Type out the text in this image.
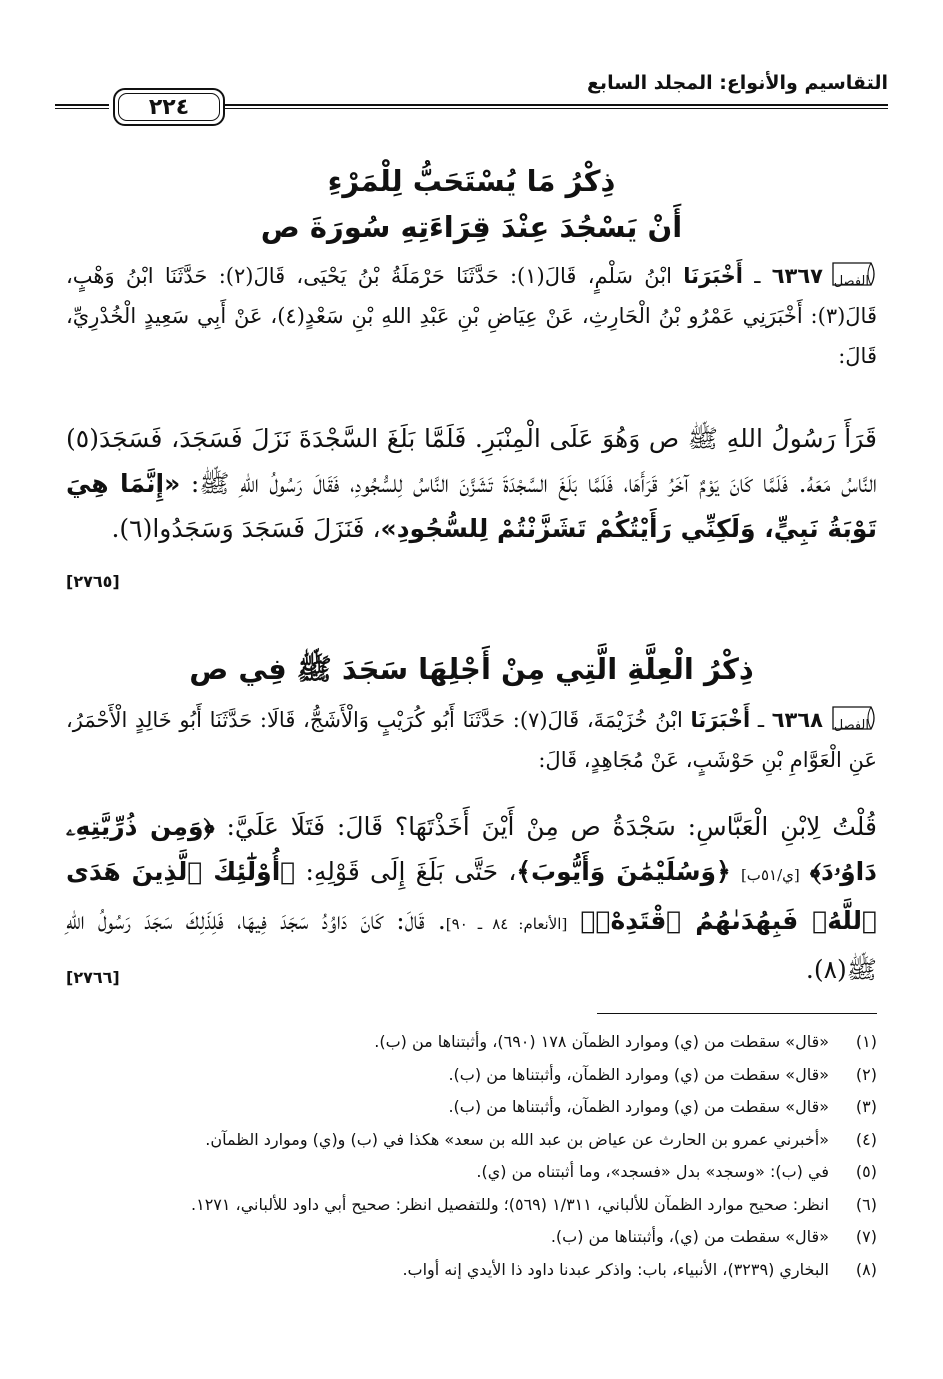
التقاسيم والأنواع: المجلد السابع
٢٢٤
ذِكْرُ مَا يُسْتَحَبُّ لِلْمَرْءِ
أَنْ يَسْجُدَ عِنْدَ قِرَاءَتِهِ سُورَةَ ص
الفصل
٦٣٦٧ ـ أَخْبَرَنَا ابْنُ سَلْمٍ، قَالَ(١): حَدَّثَنَا حَرْمَلَةُ بْنُ يَحْيَى، قَالَ(٢): حَدَّثَنَا ابْنُ وَهْبٍ، قَالَ(٣): أَخْبَرَنِي عَمْرُو بْنُ الْحَارِثِ، عَنْ عِيَاضِ بْنِ عَبْدِ اللهِ بْنِ سَعْدٍ(٤)، عَنْ أَبِي سَعِيدٍ الْخُدْرِيِّ، قَالَ:
قَرَأَ رَسُولُ اللهِ ﷺ ص وَهُوَ عَلَى الْمِنْبَرِ. فَلَمَّا بَلَغَ السَّجْدَةَ نَزَلَ فَسَجَدَ، فَسَجَدَ(٥) النَّاسُ مَعَهُ. فَلَمَّا كَانَ يَوْمٌ آخَرُ قَرَأَهَا، فَلَمَّا بَلَغَ السَّجْدَةَ تَشَزَّنَ النَّاسُ لِلسُّجُودِ، فَقَالَ رَسُولُ اللهِ ﷺ: «إِنَّمَا هِيَ تَوْبَةُ نَبِيٍّ، وَلَكِنِّي رَأَيْتُكُمْ تَشَزَّنْتُمْ لِلسُّجُودِ»، فَنَزَلَ فَسَجَدَ وَسَجَدُوا(٦).
[٢٧٦٥]
ذِكْرُ الْعِلَّةِ الَّتِي مِنْ أَجْلِهَا سَجَدَ ﷺ فِي ص
الفصل
٦٣٦٨ ـ أَخْبَرَنَا ابْنُ خُزَيْمَةَ، قَالَ(٧): حَدَّثَنَا أَبُو كُرَيْبٍ وَالْأَشَجُّ، قَالَا: حَدَّثَنَا أَبُو خَالِدٍ الْأَحْمَرُ، عَنِ الْعَوَّامِ بْنِ حَوْشَبٍ، عَنْ مُجَاهِدٍ، قَالَ:
قُلْتُ لِابْنِ الْعَبَّاسِ: سَجْدَةُ ص مِنْ أَيْنَ أَخَذْتَهَا؟ قَالَ: فَتَلَا عَلَيَّ: ﴿وَمِن ذُرِّيَّتِهِۦ دَاوُۥدَ﴾ [ي/٥١ب] ﴿وَسُلَيْمَٰنَ وَأَيُّوبَ﴾، حَتَّى بَلَغَ إِلَى قَوْلِهِ: ﴿أُوْلَٰٓئِكَ ٱلَّذِينَ هَدَى ٱللَّهُۖ فَبِهُدَىٰهُمُ ٱقْتَدِهْۗ﴾ [الأنعام: ٨٤ ـ ٩٠]. قَالَ: كَانَ دَاوُدُ سَجَدَ فِيهَا، فَلِذَلِكَ سَجَدَ رَسُولُ اللهِ ﷺ(٨).
[٢٧٦٦]
(١)
«قال» سقطت من (ي) وموارد الظمآن ١٧٨ (٦٩٠)، وأثبتناها من (ب).
(٢)
«قال» سقطت من (ي) وموارد الظمآن، وأثبتناها من (ب).
(٣)
«قال» سقطت من (ي) وموارد الظمآن، وأثبتناها من (ب).
(٤)
«أخبرني عمرو بن الحارث عن عياض بن عبد الله بن سعد» هكذا في (ب) و(ي) وموارد الظمآن.
(٥)
في (ب): «وسجد» بدل «فسجد»، وما أثبتناه من (ي).
(٦)
انظر: صحيح موارد الظمآن للألباني، ١/٣١١ (٥٦٩)؛ وللتفصيل انظر: صحيح أبي داود للألباني، ١٢٧١.
(٧)
«قال» سقطت من (ي)، وأثبتناها من (ب).
(٨)
البخاري (٣٢٣٩)، الأنبياء، باب: واذكر عبدنا داود ذا الأيدي إنه أواب.
